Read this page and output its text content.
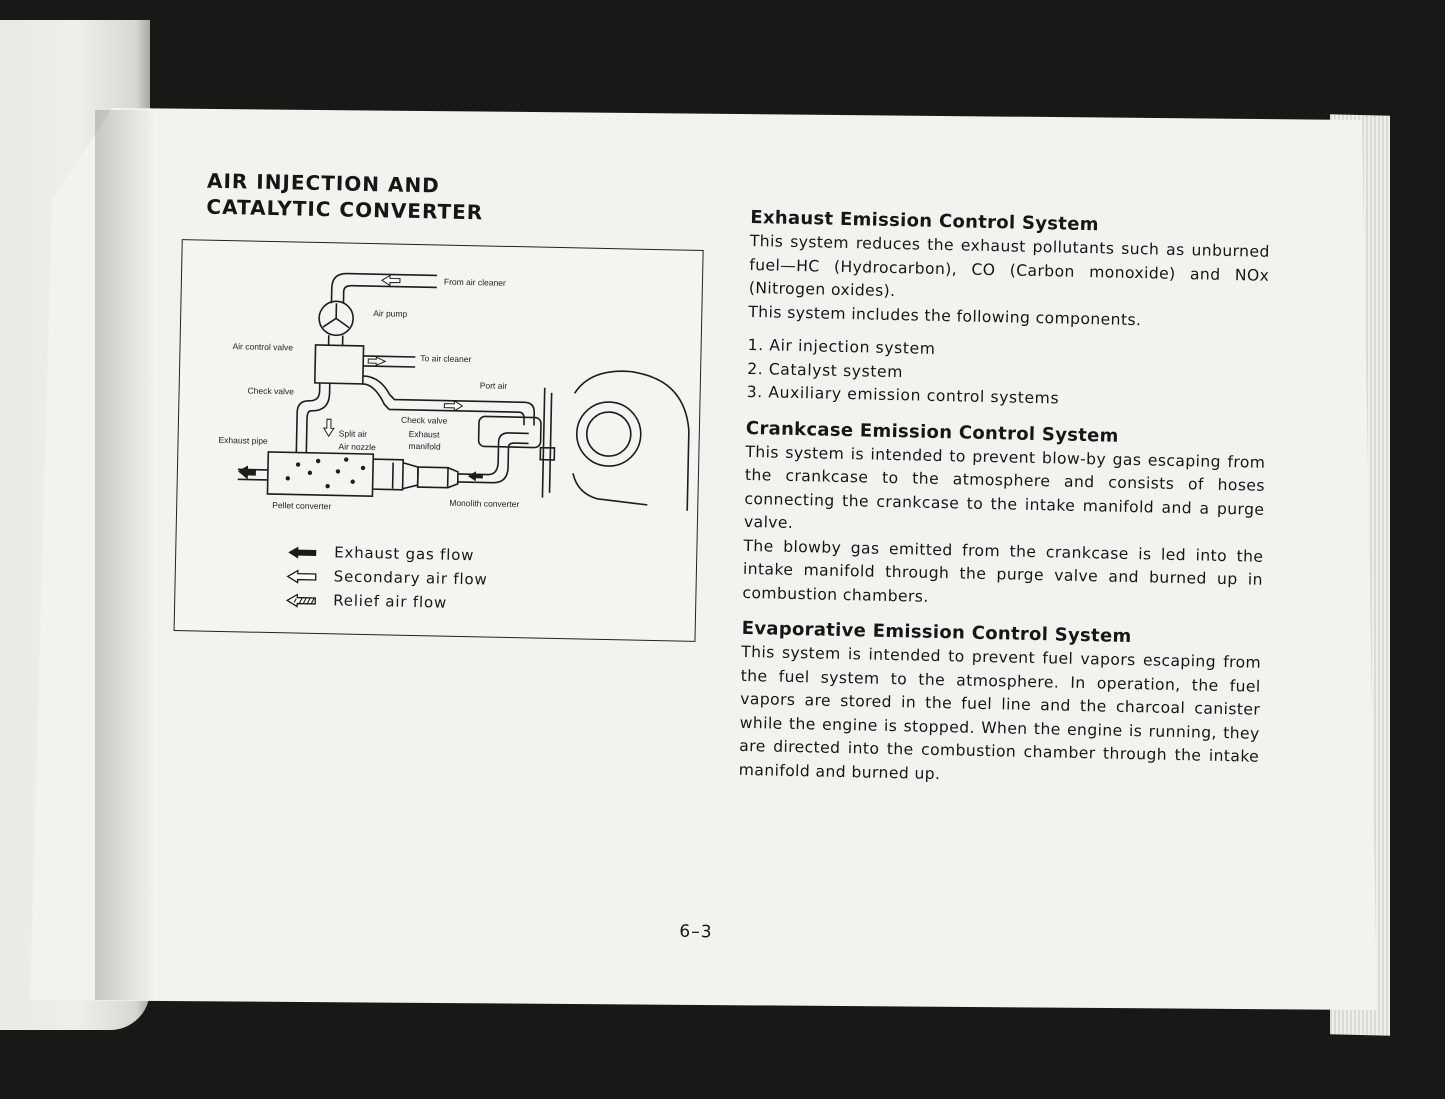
AIR INJECTION AND
CATALYTIC CONVERTER
From air cleaner
Air pump
Air control valve
To air cleaner
Port air
Check valve
Check valve
Exhaust
manifold
Split air
Air nozzle
Exhaust pipe
Pellet converter	Monolith converter
Exhaust gas flow
Secondary air flow
Relief air flow
Exhaust Emission Control System

This system reduces the exhaust pollutants such as unburned fuel—HC (Hydrocarbon), CO (Carbon monoxide) and NOx (Nitrogen oxides).

This system includes the following components.

1. Air injection system
2. Catalyst system
3. Auxiliary emission control systems
Crankcase Emission Control System

This system is intended to prevent blow-by gas escaping from the crankcase to the atmosphere and consists of hoses connecting the crankcase to the intake manifold and a purge valve.

The blowby gas emitted from the crankcase is led into the intake manifold through the purge valve and burned up in combustion chambers.

Evaporative Emission Control System

This system is intended to prevent fuel vapors escaping from the fuel system to the atmosphere. In operation, the fuel vapors are stored in the fuel line and the charcoal canister while the engine is stopped. When the engine is running, they are directed into the combustion chamber through the intake manifold and burned up.

6–3
